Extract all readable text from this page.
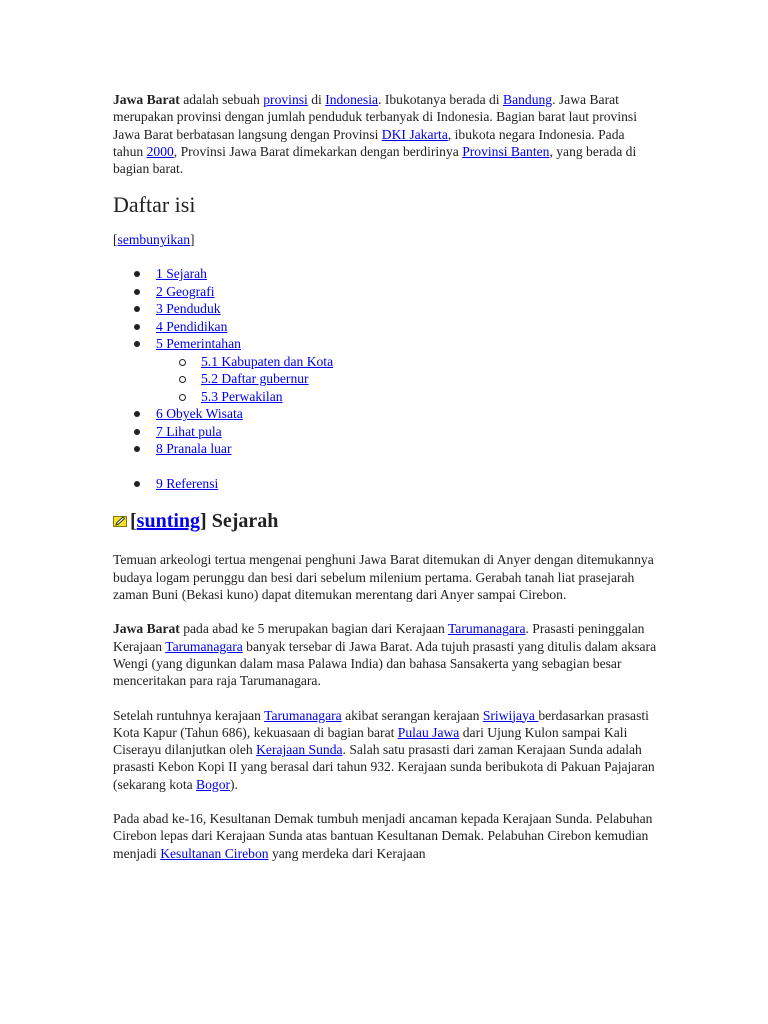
Jawa Barat adalah sebuah provinsi di Indonesia. Ibukotanya berada di Bandung. Jawa Barat merupakan provinsi dengan jumlah penduduk terbanyak di Indonesia. Bagian barat laut provinsi Jawa Barat berbatasan langsung dengan Provinsi DKI Jakarta, ibukota negara Indonesia. Pada tahun 2000, Provinsi Jawa Barat dimekarkan dengan berdirinya Provinsi Banten, yang berada di bagian barat.

Daftar isi
[sembunyikan]
1 Sejarah
2 Geografi
3 Penduduk
4 Pendidikan
5 Pemerintahan
5.1 Kabupaten dan Kota
5.2 Daftar gubernur
5.3 Perwakilan
6 Obyek Wisata
7 Lihat pula
8 Pranala luar
9 Referensi
[ sunting ] Sejarah

Temuan arkeologi tertua mengenai penghuni Jawa Barat ditemukan di Anyer dengan ditemukannya budaya logam perunggu dan besi dari sebelum milenium pertama. Gerabah tanah liat prasejarah zaman Buni (Bekasi kuno) dapat ditemukan merentang dari Anyer sampai Cirebon.

Jawa Barat pada abad ke 5 merupakan bagian dari Kerajaan Tarumanagara. Prasasti peninggalan Kerajaan Tarumanagara banyak tersebar di Jawa Barat. Ada tujuh prasasti yang ditulis dalam aksara Wengi (yang digunkan dalam masa Palawa India) dan bahasa Sansakerta yang sebagian besar menceritakan para raja Tarumanagara.

Setelah runtuhnya kerajaan Tarumanagara akibat serangan kerajaan Sriwijaya berdasarkan prasasti Kota Kapur (Tahun 686), kekuasaan di bagian barat Pulau Jawa dari Ujung Kulon sampai Kali Ciserayu dilanjutkan oleh Kerajaan Sunda. Salah satu prasasti dari zaman Kerajaan Sunda adalah prasasti Kebon Kopi II yang berasal dari tahun 932. Kerajaan sunda beribukota di Pakuan Pajajaran (sekarang kota Bogor).

Pada abad ke-16, Kesultanan Demak tumbuh menjadi ancaman kepada Kerajaan Sunda. Pelabuhan Cirebon lepas dari Kerajaan Sunda atas bantuan Kesultanan Demak. Pelabuhan Cirebon kemudian menjadi Kesultanan Cirebon yang merdeka dari Kerajaan
